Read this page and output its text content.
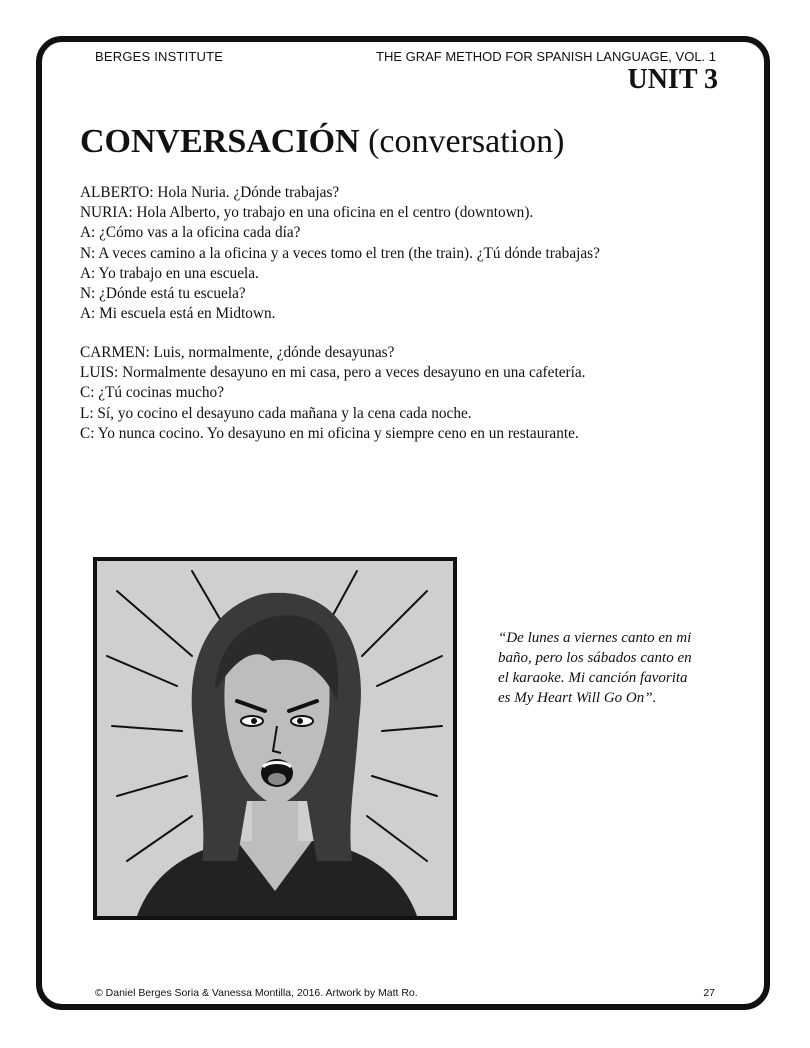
BERGES INSTITUTE	THE GRAF METHOD FOR SPANISH LANGUAGE, VOL. 1
UNIT 3
CONVERSACIÓN (conversation)
ALBERTO: Hola Nuria. ¿Dónde trabajas?
NURIA: Hola Alberto, yo trabajo en una oficina en el centro (downtown).
A: ¿Cómo vas a la oficina cada día?
N: A veces camino a la oficina y a veces tomo el tren (the train). ¿Tú dónde trabajas?
A: Yo trabajo en una escuela.
N: ¿Dónde está tu escuela?
A: Mi escuela está en Midtown.
CARMEN: Luis, normalmente, ¿dónde desayunas?
LUIS: Normalmente desayuno en mi casa, pero a veces desayuno en una cafetería.
C: ¿Tú cocinas mucho?
L: Sí, yo cocino el desayuno cada mañana y la cena cada noche.
C: Yo nunca cocino. Yo desayuno en mi oficina y siempre ceno en un restaurante.
“De lunes a viernes canto en mi baño, pero los sábados canto en el karaoke. Mi canción favorita es My Heart Will Go On”.
© Daniel Berges Soria & Vanessa Montilla, 2016. Artwork by Matt Ro.	27
